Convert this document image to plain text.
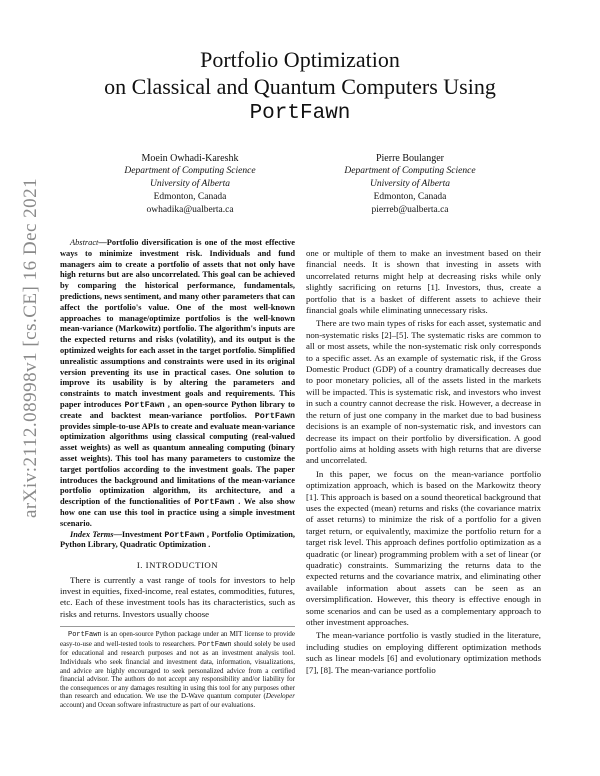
arXiv:2112.08998v1 [cs.CE] 16 Dec 2021
Portfolio Optimization
on Classical and Quantum Computers Using
PortFawn
Moein Owhadi-Kareshk
Department of Computing Science
University of Alberta
Edmonton, Canada
owhadika@ualberta.ca
Pierre Boulanger
Department of Computing Science
University of Alberta
Edmonton, Canada
pierreb@ualberta.ca

Abstract—Portfolio diversification is one of the most effective ways to minimize investment risk. Individuals and fund managers aim to create a portfolio of assets that not only have high returns but are also uncorrelated. This goal can be achieved by comparing the historical performance, fundamentals, predictions, news sentiment, and many other parameters that can affect the portfolio's value. One of the most well-known approaches to manage/optimize portfolios is the well-known mean-variance (Markowitz) portfolio. The algorithm's inputs are the expected returns and risks (volatility), and its output is the optimized weights for each asset in the target portfolio. Simplified unrealistic assumptions and constraints were used in its original version preventing its use in practical cases. One solution to improve its usability is by altering the parameters and constraints to match investment goals and requirements. This paper introduces PortFawn , an open-source Python library to create and backtest mean-variance portfolios. PortFawn provides simple-to-use APIs to create and evaluate mean-variance optimization algorithms using classical computing (real-valued asset weights) as well as quantum annealing computing (binary asset weights). This tool has many parameters to customize the target portfolios according to the investment goals. The paper introduces the background and limitations of the mean-variance portfolio optimization algorithm, its architecture, and a description of the functionalities of PortFawn . We also show how one can use this tool in practice using a simple investment scenario.

Index Terms—Investment PortFawn , Portfolio Optimization, Python Library, Quadratic Optimization .

I. INTRODUCTION

There is currently a vast range of tools for investors to help invest in equities, fixed-income, real estates, commodities, futures, etc. Each of these investment tools has its characteristics, such as risks and returns. Investors usually choose

PortFawn is an open-source Python package under an MIT license to provide easy-to-use and well-tested tools to researchers. PortFawn should solely be used for educational and research purposes and not as an investment analysis tool. Individuals who seek financial and investment data, information, visualizations, and advice are highly encouraged to seek personalized advice from a certified financial advisor. The authors do not accept any responsibility and/or liability for the consequences or any damages resulting in using this tool for any purposes other than research and education. We use the D-Wave quantum computer (Developer account) and Ocean software infrastructure as part of our evaluations.

one or multiple of them to make an investment based on their financial needs. It is shown that investing in assets with uncorrelated returns might help at decreasing risks while only slightly sacrificing on returns [1]. Investors, thus, create a portfolio that is a basket of different assets to achieve their financial goals while eliminating unnecessary risks.

There are two main types of risks for each asset, systematic and non-systematic risks [2]–[5]. The systematic risks are common to all or most assets, while the non-systematic risk only corresponds to a specific asset. As an example of systematic risk, if the Gross Domestic Product (GDP) of a country dramatically decreases due to poor monetary policies, all of the assets listed in the markets will be impacted. This is systematic risk, and investors who invest in such a country cannot decrease the risk. However, a decrease in the return of just one company in the market due to bad business decisions is an example of non-systematic risk, and investors can decrease its impact on their portfolio by diversification. A good portfolio aims at holding assets with high returns that are diverse and uncorrelated.

In this paper, we focus on the mean-variance portfolio optimization approach, which is based on the Markowitz theory [1]. This approach is based on a sound theoretical background that uses the expected (mean) returns and risks (the covariance matrix of asset returns) to minimize the risk of a portfolio for a given target return, or equivalently, maximize the portfolio return for a target risk level. This approach defines portfolio optimization as a quadratic (or linear) programming problem with a set of linear (or quadratic) constraints. Summarizing the returns data to the expected returns and the covariance matrix, and eliminating other available information about assets can be seen as an oversimplification. However, this theory is effective enough in some scenarios and can be used as a complementary approach to other investment approaches.

The mean-variance portfolio is vastly studied in the literature, including studies on employing different optimization methods such as linear models [6] and evolutionary optimization methods [7], [8]. The mean-variance portfolio
